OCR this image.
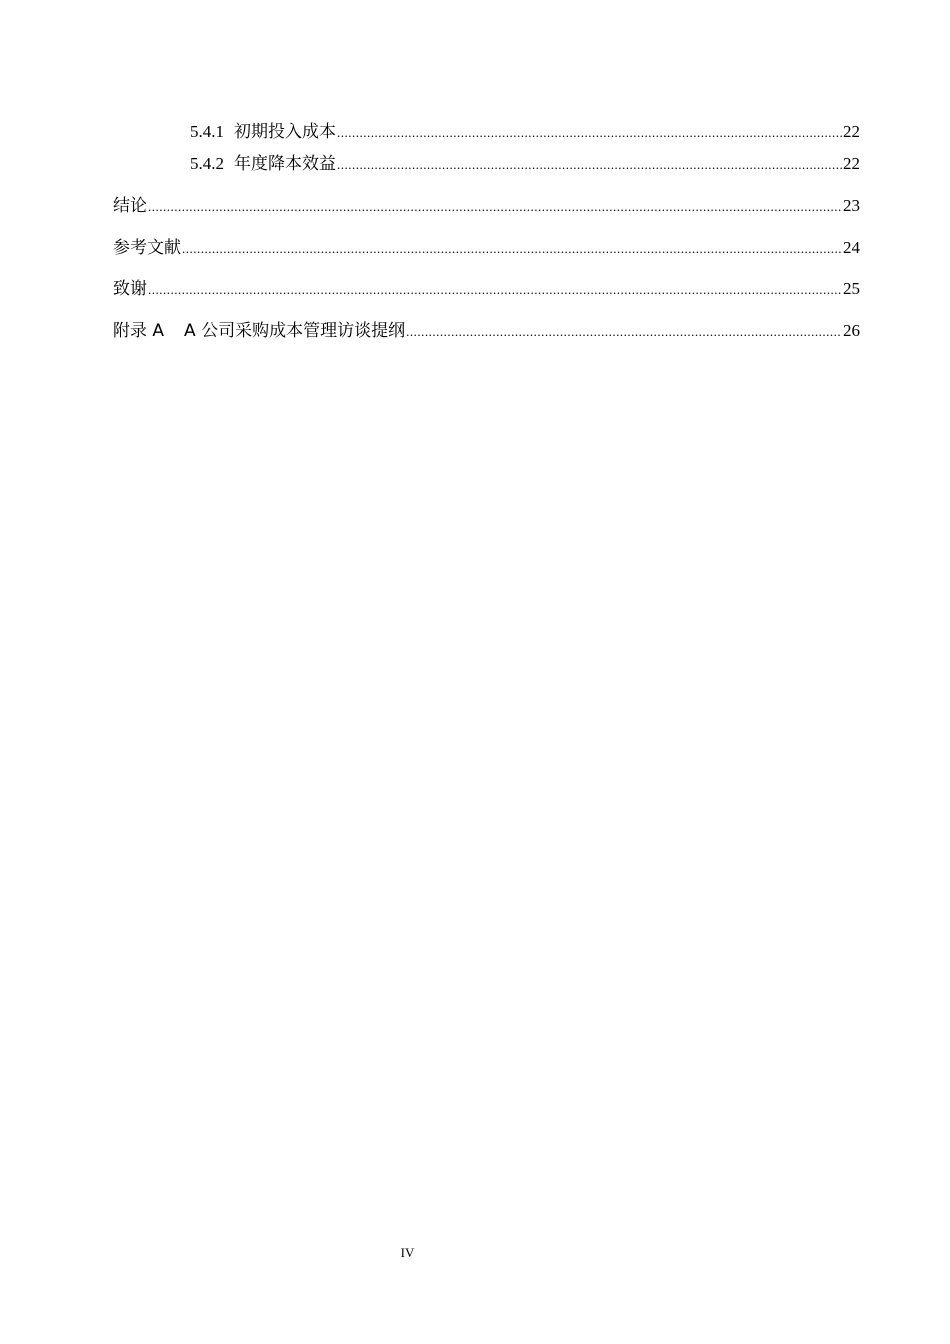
5.4.1 初期投入成本 .....	22
5.4.2 年度降本效益 .....	22
结论 .....	23
参考文献 .....	24
致谢 .....	25
附录 A A 公司采购成本管理访谈提纲 .....	26
IV
